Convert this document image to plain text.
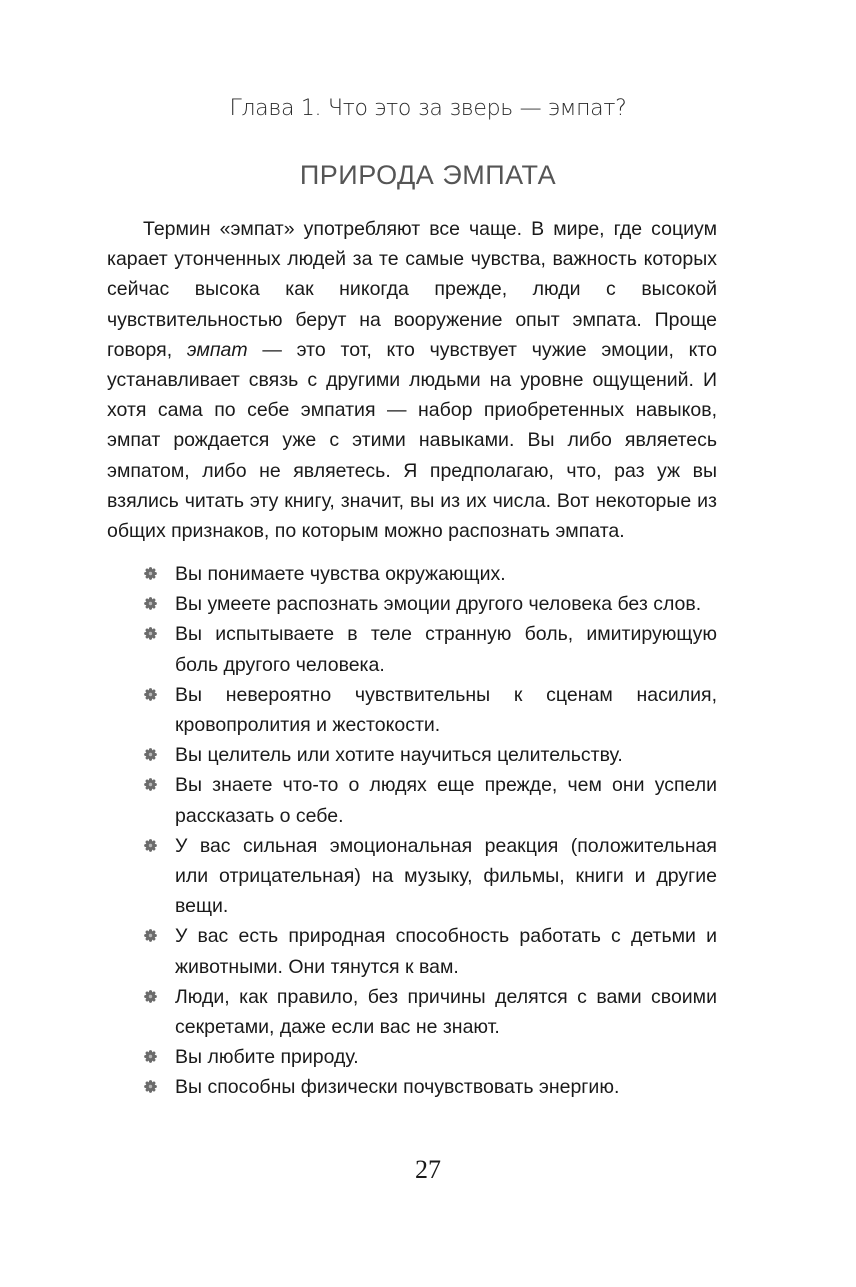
Глава 1. Что это за зверь — эмпат?
ПРИРОДА ЭМПАТА

Термин «эмпат» употребляют все чаще. В мире, где социум карает утонченных людей за те самые чувства, важность которых сейчас высока как никогда прежде, люди с высокой чувствительностью берут на вооружение опыт эмпата. Проще говоря, эмпат — это тот, кто чувствует чужие эмоции, кто устанавливает связь с другими людьми на уровне ощущений. И хотя сама по себе эмпатия — набор приобретенных навыков, эмпат рождается уже с этими навыками. Вы либо являетесь эмпатом, либо не являетесь. Я предполагаю, что, раз уж вы взялись читать эту книгу, значит, вы из их числа. Вот некоторые из общих признаков, по которым можно распознать эмпата.

Вы понимаете чувства окружающих.
Вы умеете распознать эмоции другого человека без слов.
Вы испытываете в теле странную боль, имитирующую боль другого человека.
Вы невероятно чувствительны к сценам насилия, кровопролития и жестокости.
Вы целитель или хотите научиться целительству.
Вы знаете что-то о людях еще прежде, чем они успели рассказать о себе.
У вас сильная эмоциональная реакция (положительная или отрицательная) на музыку, фильмы, книги и другие вещи.
У вас есть природная способность работать с детьми и животными. Они тянутся к вам.
Люди, как правило, без причины делятся с вами своими секретами, даже если вас не знают.
Вы любите природу.
Вы способны физически почувствовать энергию.
27
